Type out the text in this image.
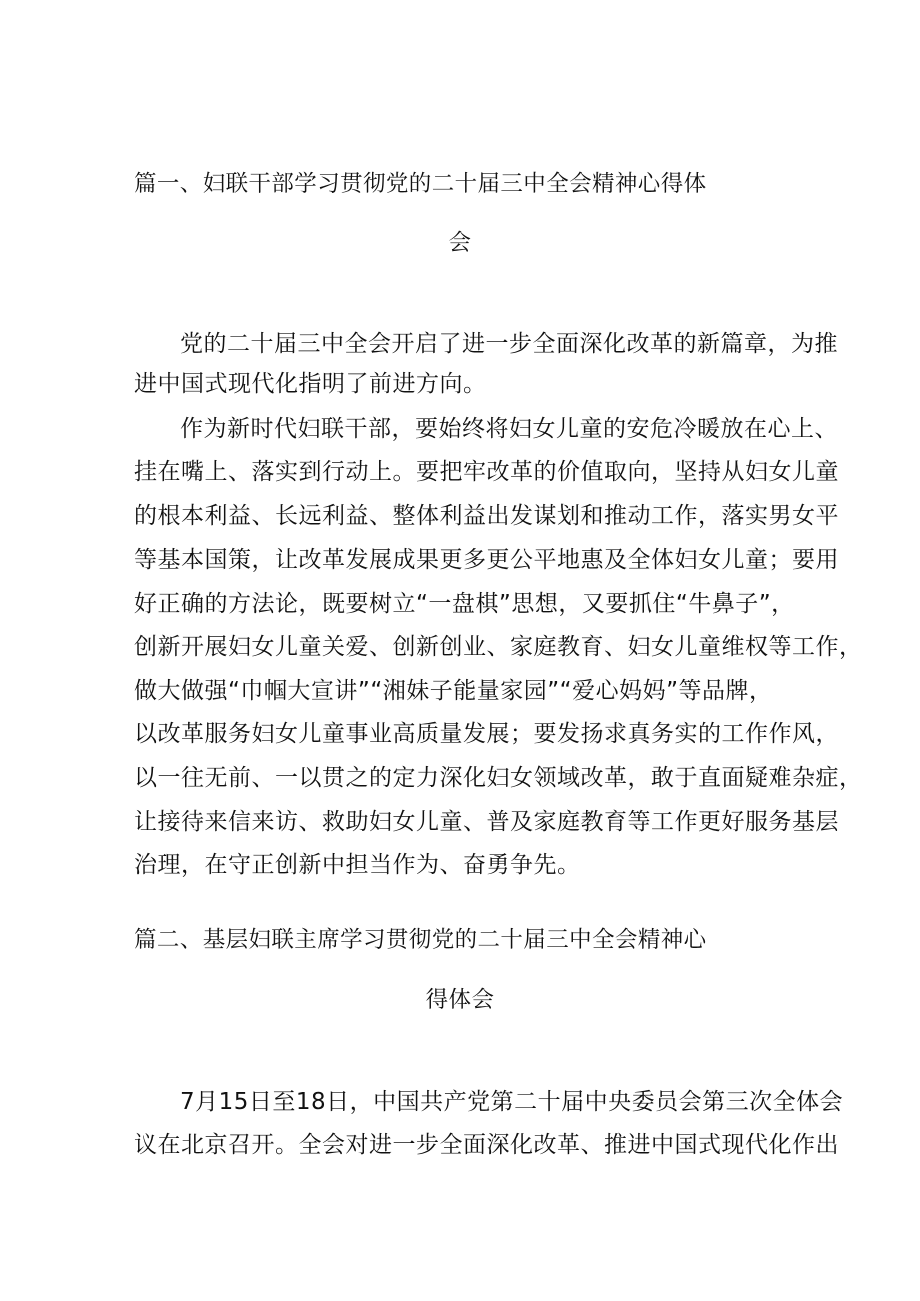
篇一、妇联干部学习贯彻党的二十届三中全会精神心得体

会

党的二十届三中全会开启了进一步全面深化改革的新篇章，为推

进中国式现代化指明了前进方向。

作为新时代妇联干部，要始终将妇女儿童的安危冷暖放在心上、

挂在嘴上、落实到行动上。要把牢改革的价值取向，坚持从妇女儿童

的根本利益、长远利益、整体利益出发谋划和推动工作，落实男女平

等基本国策，让改革发展成果更多更公平地惠及全体妇女儿童；要用

好正确的方法论，既要树立“一盘棋”思想，又要抓住“牛鼻子”，

创新开展妇女儿童关爱、创新创业、家庭教育、妇女儿童维权等工作，

做大做强“巾帼大宣讲”“湘妹子能量家园”“爱心妈妈”等品牌，

以改革服务妇女儿童事业高质量发展；要发扬求真务实的工作作风，

以一往无前、一以贯之的定力深化妇女领域改革，敢于直面疑难杂症，

让接待来信来访、救助妇女儿童、普及家庭教育等工作更好服务基层

治理，在守正创新中担当作为、奋勇争先。

篇二、基层妇联主席学习贯彻党的二十届三中全会精神心

得体会

7月15日至18日，中国共产党第二十届中央委员会第三次全体会

议在北京召开。全会对进一步全面深化改革、推进中国式现代化作出
